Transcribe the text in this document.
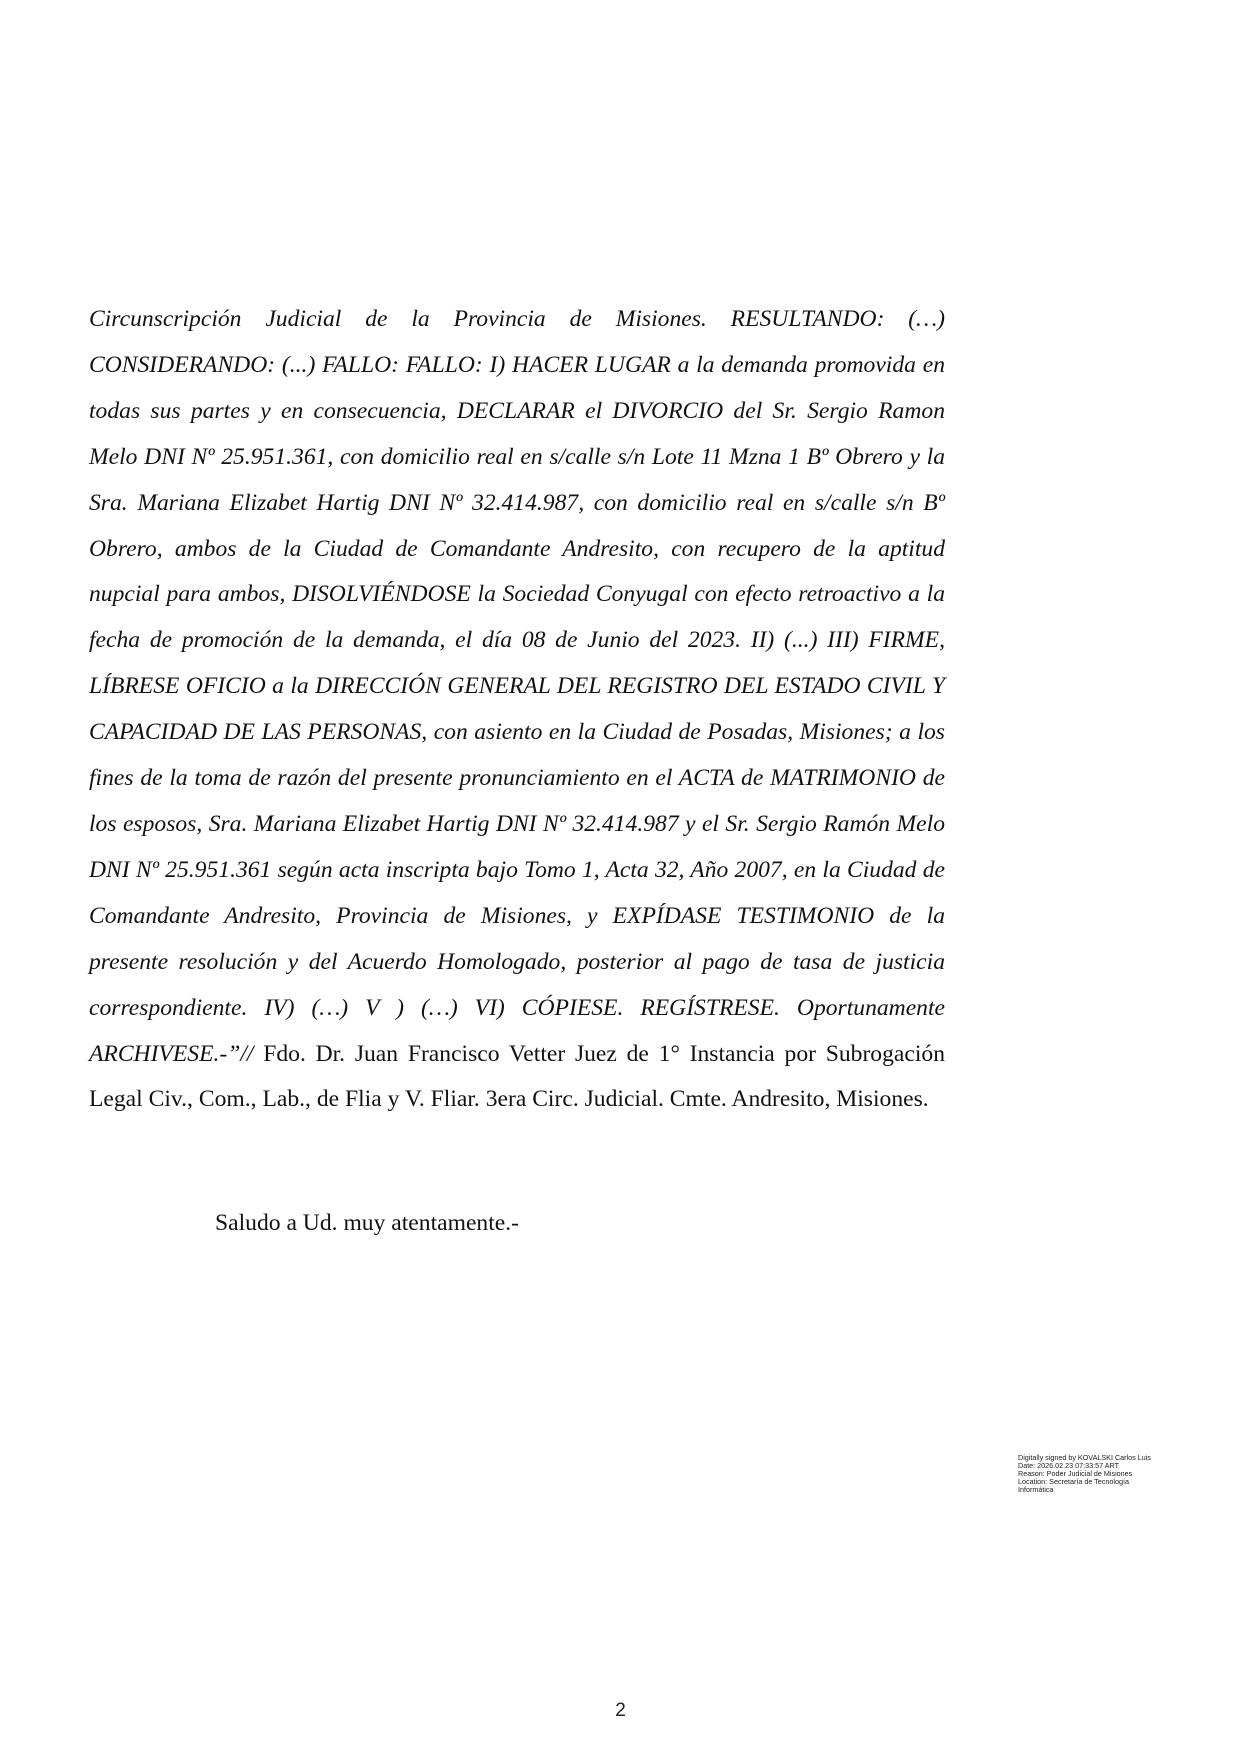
Circunscripción Judicial de la Provincia de Misiones. RESULTANDO: (…) CONSIDERANDO: (...) FALLO: FALLO: I) HACER LUGAR a la demanda promovida en todas sus partes y en consecuencia, DECLARAR el DIVORCIO del Sr. Sergio Ramon Melo DNI Nº 25.951.361, con domicilio real en s/calle s/n Lote 11 Mzna 1 Bº Obrero y la Sra. Mariana Elizabet Hartig DNI Nº 32.414.987, con domicilio real en s/calle s/n Bº Obrero, ambos de la Ciudad de Comandante Andresito, con recupero de la aptitud nupcial para ambos, DISOLVIÉNDOSE la Sociedad Conyugal con efecto retroactivo a la fecha de promoción de la demanda, el día 08 de Junio del 2023. II) (...) III) FIRME, LÍBRESE OFICIO a la DIRECCIÓN GENERAL DEL REGISTRO DEL ESTADO CIVIL Y CAPACIDAD DE LAS PERSONAS, con asiento en la Ciudad de Posadas, Misiones; a los fines de la toma de razón del presente pronunciamiento en el ACTA de MATRIMONIO de los esposos, Sra. Mariana Elizabet Hartig DNI Nº 32.414.987 y el Sr. Sergio Ramón Melo DNI Nº 25.951.361 según acta inscripta bajo Tomo 1, Acta 32, Año 2007, en la Ciudad de Comandante Andresito, Provincia de Misiones, y EXPÍDASE TESTIMONIO de la presente resolución y del Acuerdo Homologado, posterior al pago de tasa de justicia correspondiente. IV) (…) V ) (…) VI) CÓPIESE. REGÍSTRESE. Oportunamente ARCHIVESE.-”// Fdo. Dr. Juan Francisco Vetter Juez de 1° Instancia por Subrogación Legal Civ., Com., Lab., de Flia y V. Fliar. 3era Circ. Judicial. Cmte. Andresito, Misiones.

Saludo a Ud. muy atentamente.-

Digitally signed by KOVALSKI Carlos Luis
Date: 2026.02.23 07:33:57 ART
Reason: Poder Judicial de Misiones
Location: Secretaría de Tecnología
Informática
2
